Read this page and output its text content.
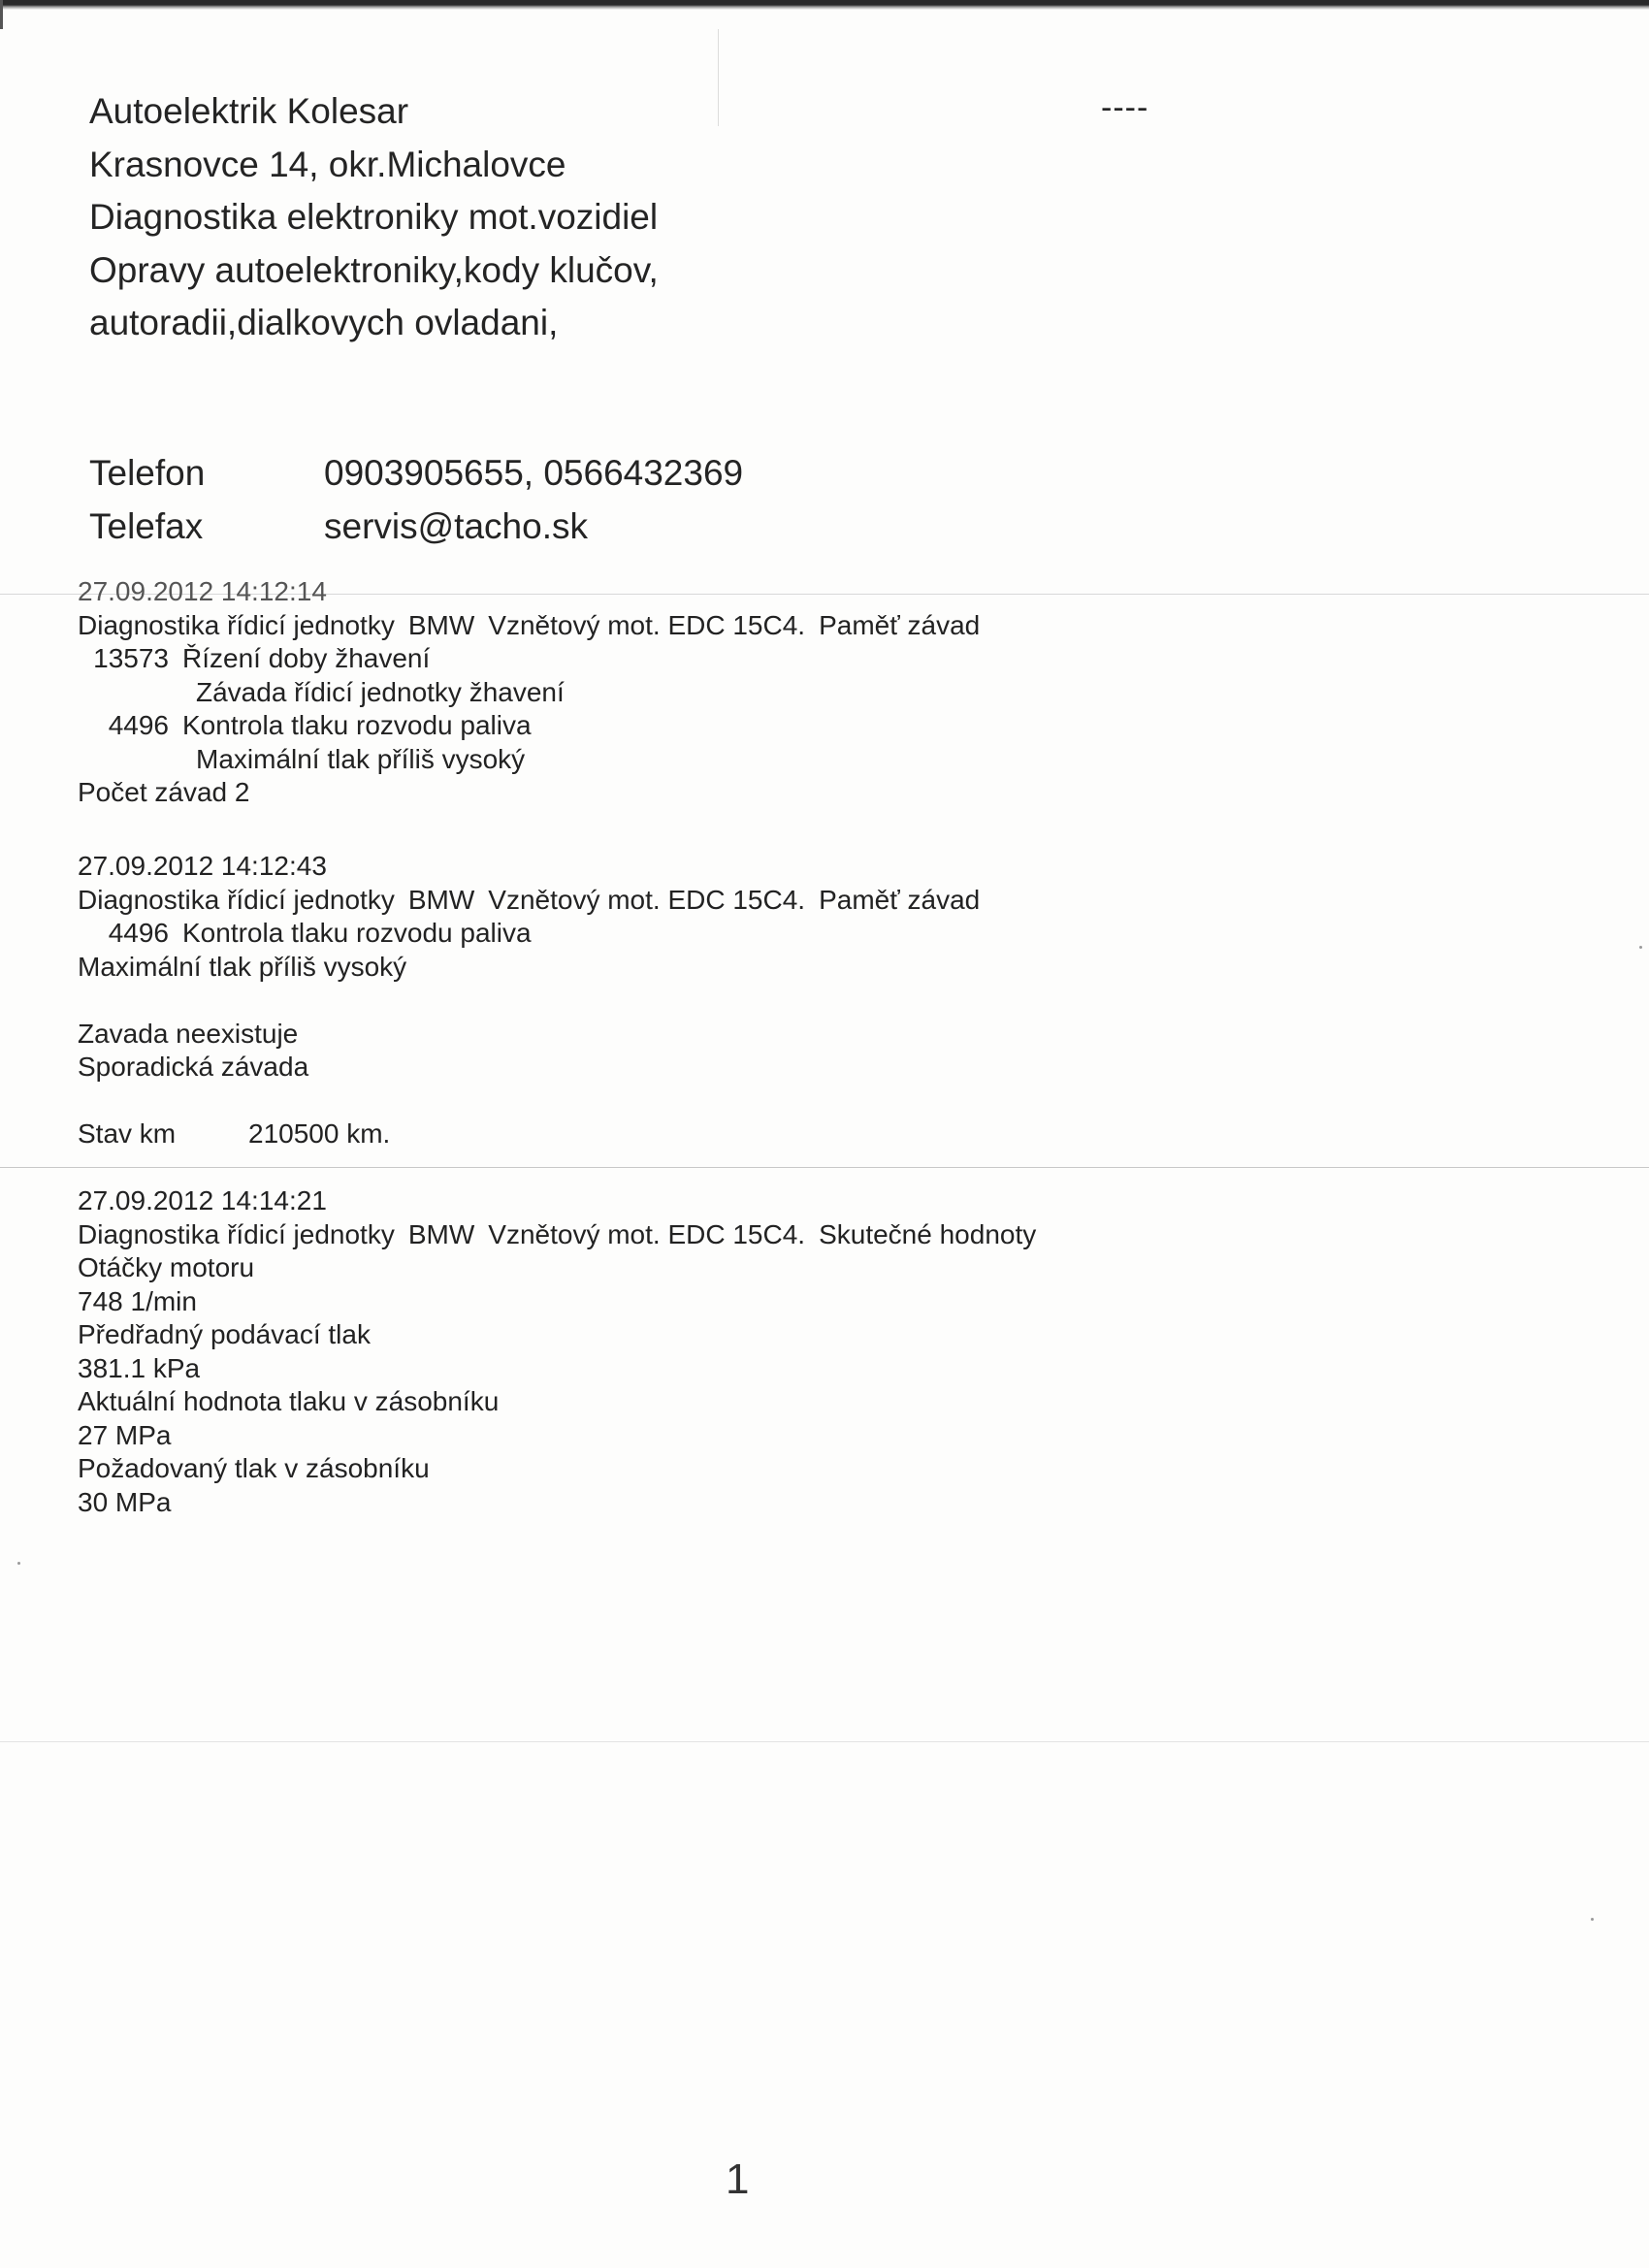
Autoelektrik Kolesar
Krasnovce 14, okr.Michalovce
Diagnostika elektroniky mot.vozidiel
Opravy autoelektroniky,kody klučov,
autoradii,dialkovych ovladani,
----
Telefon	0903905655, 0566432369
Telefax	servis@tacho.sk
27.09.2012 14:12:14
Diagnostika řídicí jednotky BMW Vznětový mot. EDC 15C4. Paměť závad
13573 Řízení doby žhavení
Závada řídicí jednotky žhavení
4496 Kontrola tlaku rozvodu paliva
Maximální tlak příliš vysoký
Počet závad 2
27.09.2012 14:12:43
Diagnostika řídicí jednotky BMW Vznětový mot. EDC 15C4. Paměť závad
4496 Kontrola tlaku rozvodu paliva
Maximální tlak příliš vysoký
Zavada neexistuje
Sporadická závada
Stav km	210500 km.
27.09.2012 14:14:21
Diagnostika řídicí jednotky BMW Vznětový mot. EDC 15C4. Skutečné hodnoty
Otáčky motoru
748 1/min
Předřadný podávací tlak
381.1 kPa
Aktuální hodnota tlaku v zásobníku
27 MPa
Požadovaný tlak v zásobníku
30 MPa
1
